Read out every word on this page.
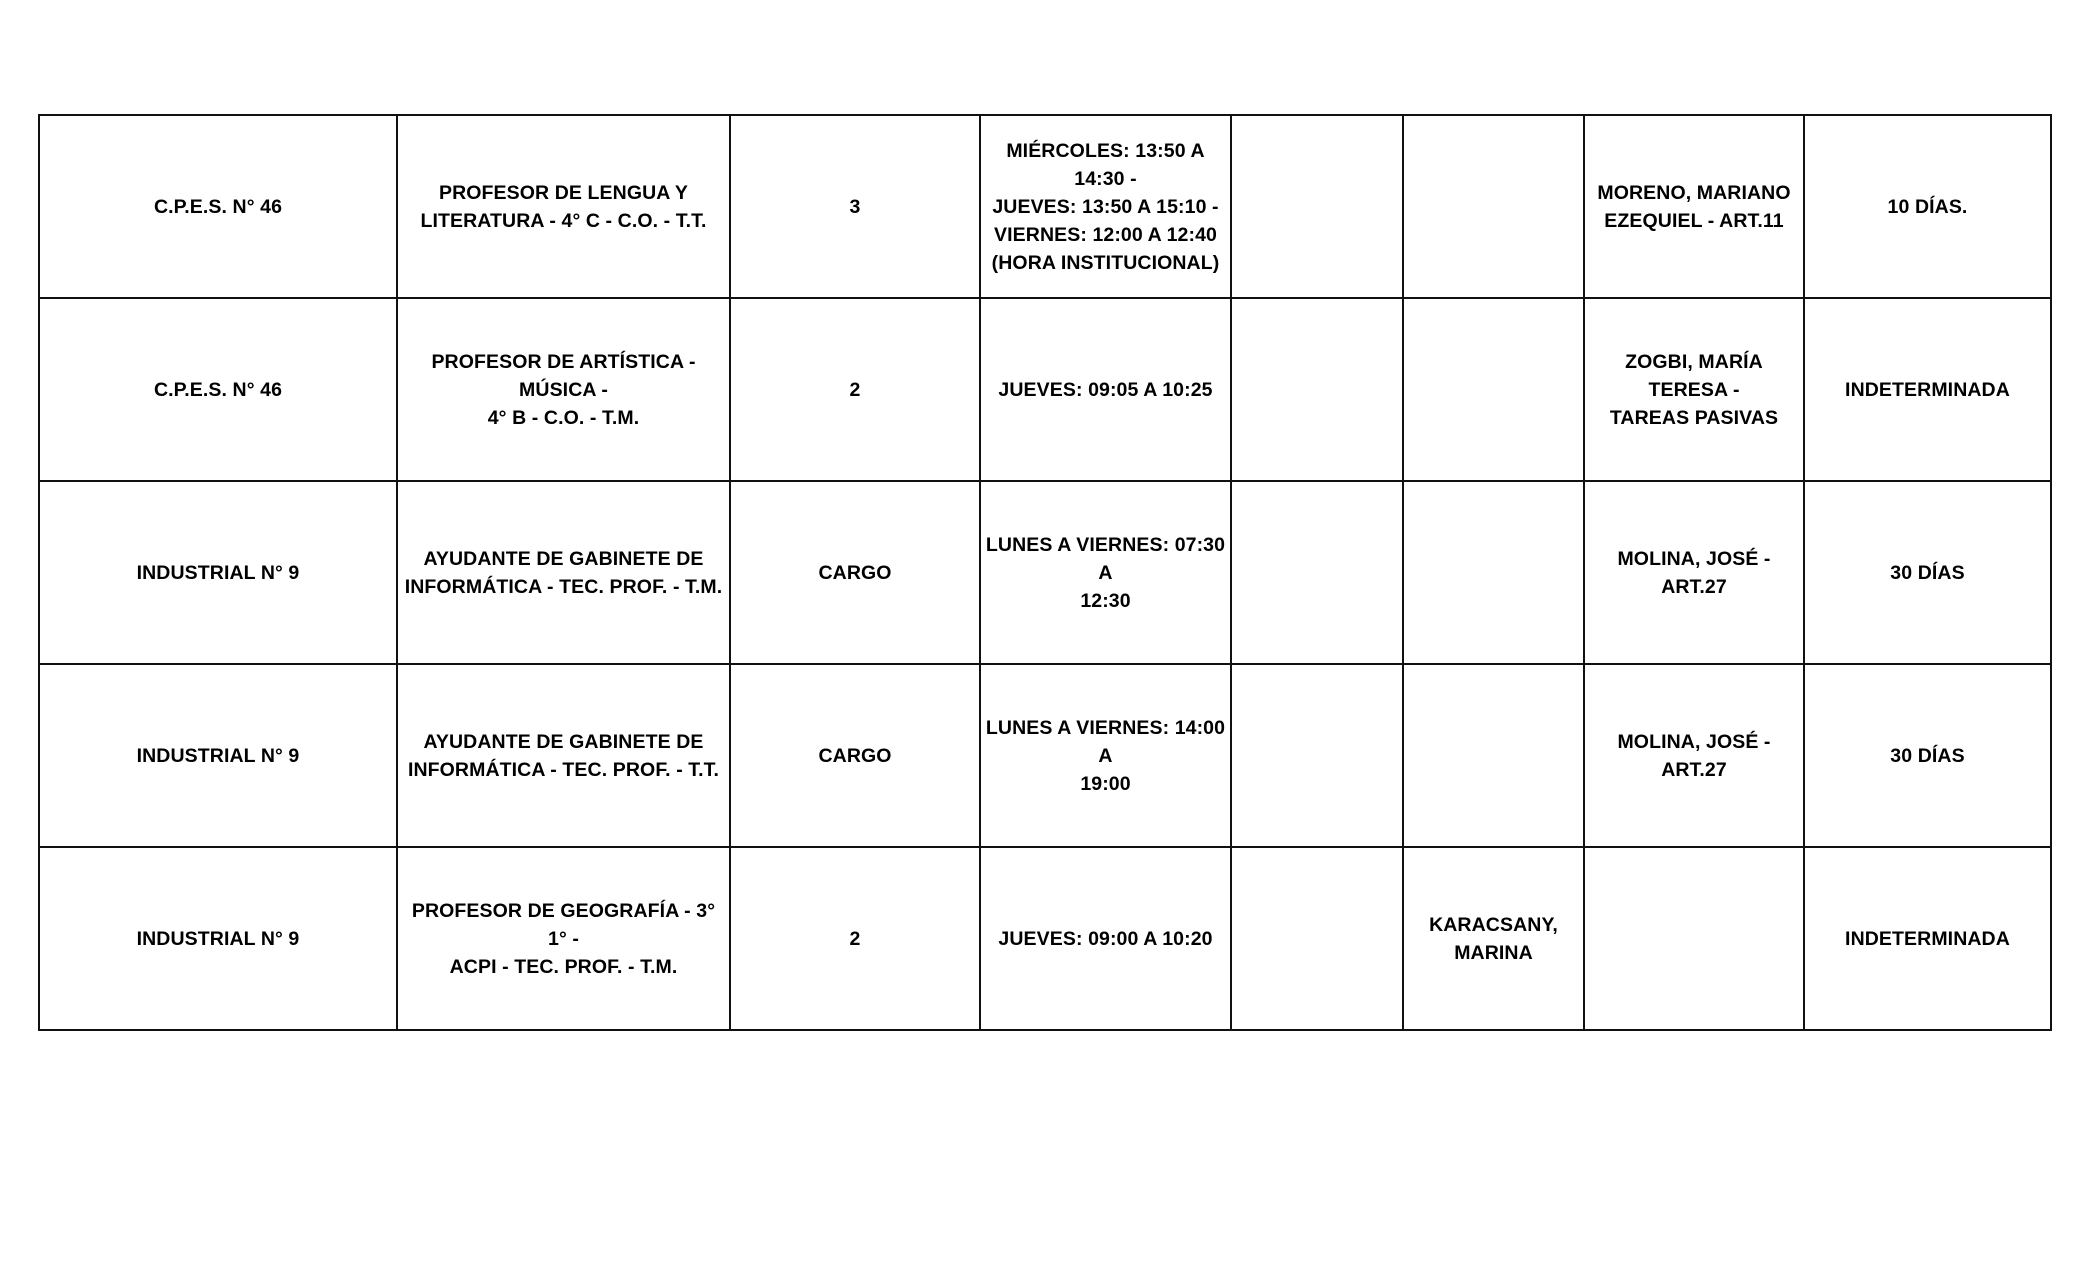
C.P.E.S. N° 46	PROFESOR DE LENGUA Y
LITERATURA - 4° C - C.O. - T.T.	3	MIÉRCOLES: 13:50 A 14:30 -
JUEVES: 13:50 A 15:10 -
VIERNES: 12:00 A 12:40
(HORA INSTITUCIONAL)			MORENO, MARIANO
EZEQUIEL - ART.11	10 DÍAS.

C.P.E.S. N° 46	PROFESOR DE ARTÍSTICA - MÚSICA -
4° B - C.O. - T.M.	2	JUEVES: 09:05 A 10:25			ZOGBI, MARÍA TERESA -
TAREAS PASIVAS	INDETERMINADA

INDUSTRIAL N° 9	AYUDANTE DE GABINETE DE
INFORMÁTICA - TEC. PROF. - T.M.	CARGO	LUNES A VIERNES: 07:30 A
12:30			MOLINA, JOSÉ - ART.27	30 DÍAS

INDUSTRIAL N° 9	AYUDANTE DE GABINETE DE
INFORMÁTICA - TEC. PROF. - T.T.	CARGO	LUNES A VIERNES: 14:00 A
19:00			MOLINA, JOSÉ - ART.27	30 DÍAS

INDUSTRIAL N° 9	PROFESOR DE GEOGRAFÍA - 3° 1° -
ACPI - TEC. PROF. - T.M.	2	JUEVES: 09:00 A 10:20		KARACSANY,
MARINA		INDETERMINADA
